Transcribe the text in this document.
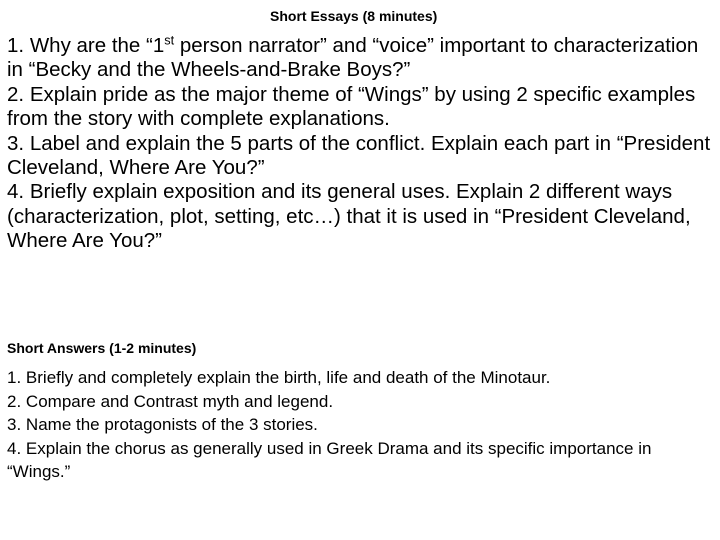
Short Essays (8 minutes)

1. Why are the “1st person narrator” and “voice” important to characterization in “Becky and the Wheels-and-Brake Boys?”

2. Explain pride as the major theme of “Wings” by using 2 specific examples from the story with complete explanations.

3. Label and explain the 5 parts of the conflict. Explain each part in “President Cleveland, Where Are You?”

4. Briefly explain exposition and its general uses. Explain 2 different ways (characterization, plot, setting, etc…) that it is used in “President Cleveland, Where Are You?”

Short Answers (1-2 minutes)

1. Briefly and completely explain the birth, life and death of the Minotaur.

2. Compare and Contrast myth and legend.

3. Name the protagonists of the 3 stories.

4. Explain the chorus as generally used in Greek Drama and its specific importance in “Wings.”
